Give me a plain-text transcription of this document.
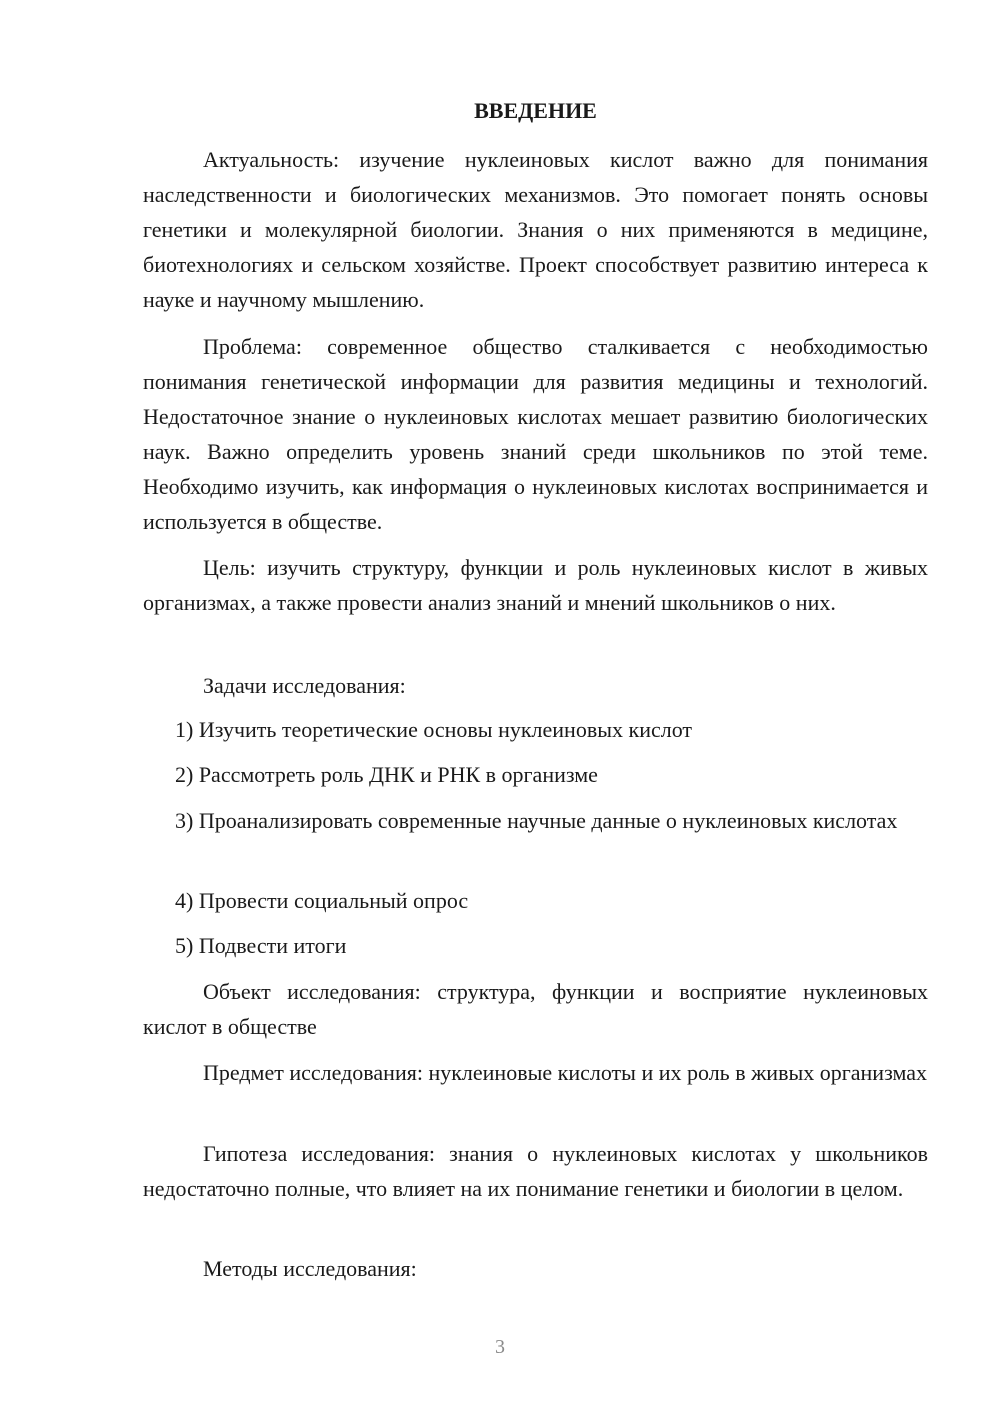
ВВЕДЕНИЕ

Актуальность: изучение нуклеиновых кислот важно для понимания наследственности и биологических механизмов. Это помогает понять основы генетики и молекулярной биологии. Знания о них применяются в медицине, биотехнологиях и сельском хозяйстве. Проект способствует развитию интереса к науке и научному мышлению.

Проблема: современное общество сталкивается с необходимостью понимания генетической информации для развития медицины и технологий. Недостаточное знание о нуклеиновых кислотах мешает развитию биологических наук. Важно определить уровень знаний среди школьников по этой теме. Необходимо изучить, как информация о нуклеиновых кислотах воспринимается и используется в обществе.

Цель: изучить структуру, функции и роль нуклеиновых кислот в живых организмах, а также провести анализ знаний и мнений школьников о них.

Задачи исследования:

1) Изучить теоретические основы нуклеиновых кислот

2) Рассмотреть роль ДНК и РНК в организме

3) Проанализировать современные научные данные о нуклеиновых кислотах

4) Провести социальный опрос

5) Подвести итоги

Объект исследования: структура, функции и восприятие нуклеиновых кислот в обществе

Предмет исследования: нуклеиновые кислоты и их роль в живых организмах

Гипотеза исследования: знания о нуклеиновых кислотах у школьников недостаточно полные, что влияет на их понимание генетики и биологии в целом.

Методы исследования:

3
